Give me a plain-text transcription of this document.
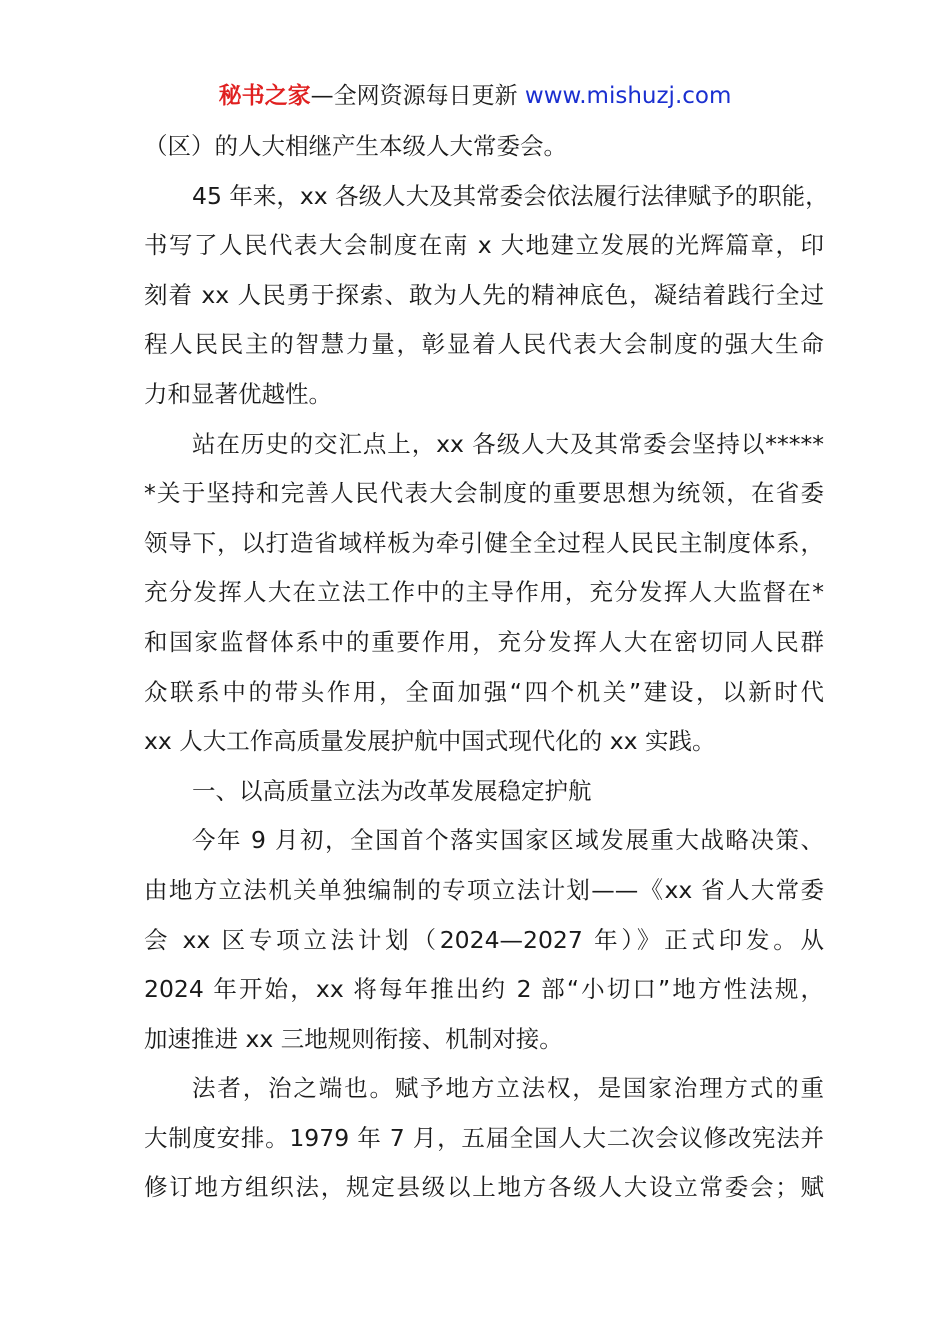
秘书之家—全网资源每日更新 www.mishuzj.com
（区）的人大相继产生本级人大常委会。
45 年来，xx 各级人大及其常委会依法履行法律赋予的职能，
书写了人民代表大会制度在南 x 大地建立发展的光辉篇章，印
刻着 xx 人民勇于探索、敢为人先的精神底色，凝结着践行全过
程人民民主的智慧力量，彰显着人民代表大会制度的强大生命
力和显著优越性。
站在历史的交汇点上，xx 各级人大及其常委会坚持以*****
*关于坚持和完善人民代表大会制度的重要思想为统领，在省委
领导下，以打造省域样板为牵引健全全过程人民民主制度体系，
充分发挥人大在立法工作中的主导作用，充分发挥人大监督在*
和国家监督体系中的重要作用，充分发挥人大在密切同人民群
众联系中的带头作用，全面加强“四个机关”建设，以新时代
xx 人大工作高质量发展护航中国式现代化的 xx 实践。
一、以高质量立法为改革发展稳定护航
今年 9 月初，全国首个落实国家区域发展重大战略决策、
由地方立法机关单独编制的专项立法计划——《xx 省人大常委
会 xx 区专项立法计划（2024—2027 年）》正式印发。从
2024 年开始，xx 将每年推出约 2 部“小切口”地方性法规，
加速推进 xx 三地规则衔接、机制对接。
法者，治之端也。赋予地方立法权，是国家治理方式的重
大制度安排。1979 年 7 月，五届全国人大二次会议修改宪法并
修订地方组织法，规定县级以上地方各级人大设立常委会；赋
